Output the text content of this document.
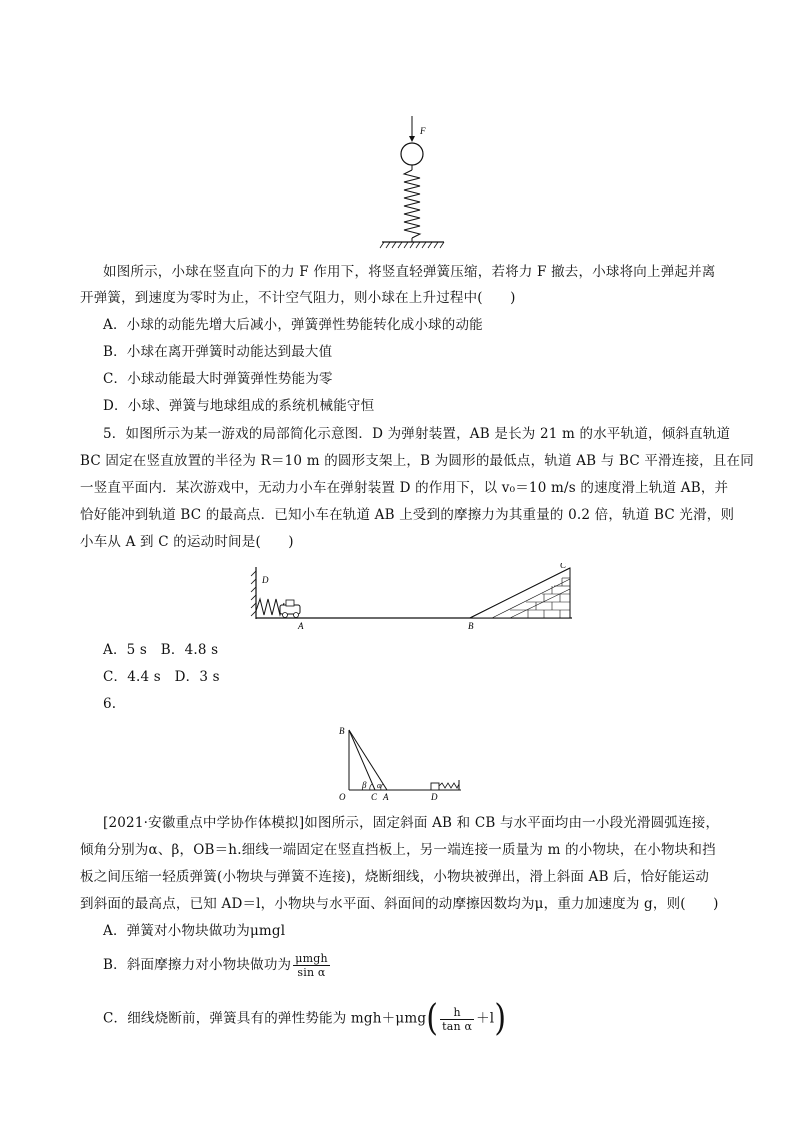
F
如图所示，小球在竖直向下的力 F 作用下，将竖直轻弹簧压缩，若将力 F 撤去，小球将向上弹起并离
开弹簧，到速度为零时为止，不计空气阻力，则小球在上升过程中(　　)
A．小球的动能先增大后减小，弹簧弹性势能转化成小球的动能
B．小球在离开弹簧时动能达到最大值
C．小球动能最大时弹簧弹性势能为零
D．小球、弹簧与地球组成的系统机械能守恒
5．如图所示为某一游戏的局部简化示意图．D 为弹射装置，AB 是长为 21 m 的水平轨道，倾斜直轨道
BC 固定在竖直放置的半径为 R＝10 m 的圆形支架上，B 为圆形的最低点，轨道 AB 与 BC 平滑连接，且在同
一竖直平面内．某次游戏中，无动力小车在弹射装置 D 的作用下，以 v₀＝10 m/s 的速度滑上轨道 AB，并
恰好能冲到轨道 BC 的最高点．已知小车在轨道 AB 上受到的摩擦力为其重量的 0.2 倍，轨道 BC 光滑，则
小车从 A 到 C 的运动时间是(　　)
D
A	B
C
A．5 s　B．4.8 s
C．4.4 s　D．3 s
6.
B
O	C A	D
β α
[2021·安徽重点中学协作体模拟]如图所示，固定斜面 AB 和 CB 与水平面均由一小段光滑圆弧连接，
倾角分别为α、β，OB＝h.细线一端固定在竖直挡板上，另一端连接一质量为 m 的小物块，在小物块和挡
板之间压缩一轻质弹簧(小物块与弹簧不连接)，烧断细线，小物块被弹出，滑上斜面 AB 后，恰好能运动
到斜面的最高点，已知 AD＝l，小物块与水平面、斜面间的动摩擦因数均为μ，重力加速度为 g，则(　　)
A．弹簧对小物块做功为μmgl
B．斜面摩擦力对小物块做功为 $\frac{\text{μmgh}}{\text{sin α}}$
C．细线烧断前，弹簧具有的弹性势能为 $mgh+\mu mg( \frac{h}{\text{tan α}} +l)$
